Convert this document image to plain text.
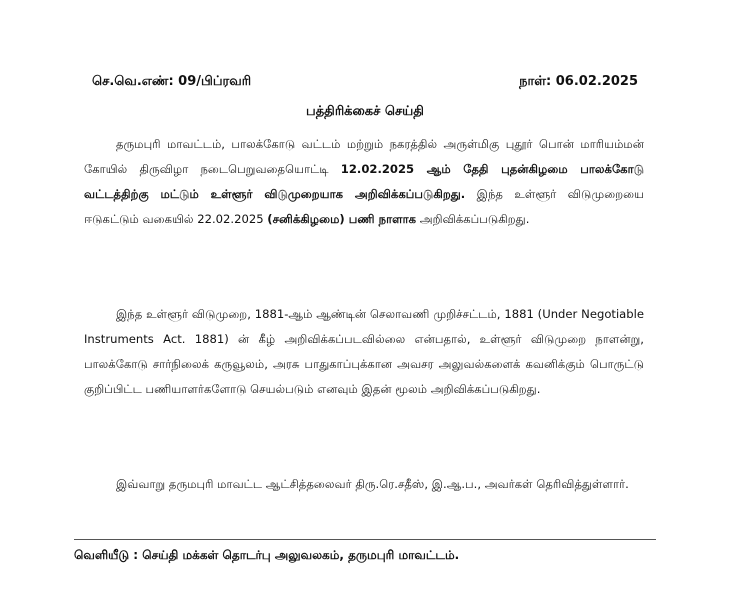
செ.வெ.எண்: 09/பிப்ரவரி	நாள்: 06.02.2025
பத்திரிக்கைச் செய்தி

தருமபுரி மாவட்டம், பாலக்கோடு வட்டம் மற்றும் நகரத்தில் அருள்மிகு புதூர் பொன் மாரியம்மன் கோயில் திருவிழா நடைபெறுவதையொட்டி 12.02.2025 ஆம் தேதி புதன்கிழமை பாலக்கோடு வட்டத்திற்கு மட்டும் உள்ளூர் விடுமுறையாக அறிவிக்கப்படுகிறது. இந்த உள்ளூர் விடுமுறையை ஈடுகட்டும் வகையில் 22.02.2025 (சனிக்கிழமை) பணி நாளாக அறிவிக்கப்படுகிறது.

இந்த உள்ளூர் விடுமுறை, 1881-ஆம் ஆண்டின் செலாவணி முறிச்சட்டம், 1881 (Under Negotiable Instruments Act. 1881) ன் கீழ் அறிவிக்கப்படவில்லை என்பதால், உள்ளூர் விடுமுறை நாளன்று, பாலக்கோடு சார்நிலைக் கருவூலம், அரசு பாதுகாப்புக்கான அவசர அலுவல்களைக் கவனிக்கும் பொருட்டு குறிப்பிட்ட பணியாளர்களோடு செயல்படும் எனவும் இதன் மூலம் அறிவிக்கப்படுகிறது.

இவ்வாறு தருமபுரி மாவட்ட ஆட்சித்தலைவர் திரு.ரெ.சதீஸ், இ.ஆ.ப., அவர்கள் தெரிவித்துள்ளார்.

வெளியீடு : செய்தி மக்கள் தொடர்பு அலுவலகம், தருமபுரி மாவட்டம்.
